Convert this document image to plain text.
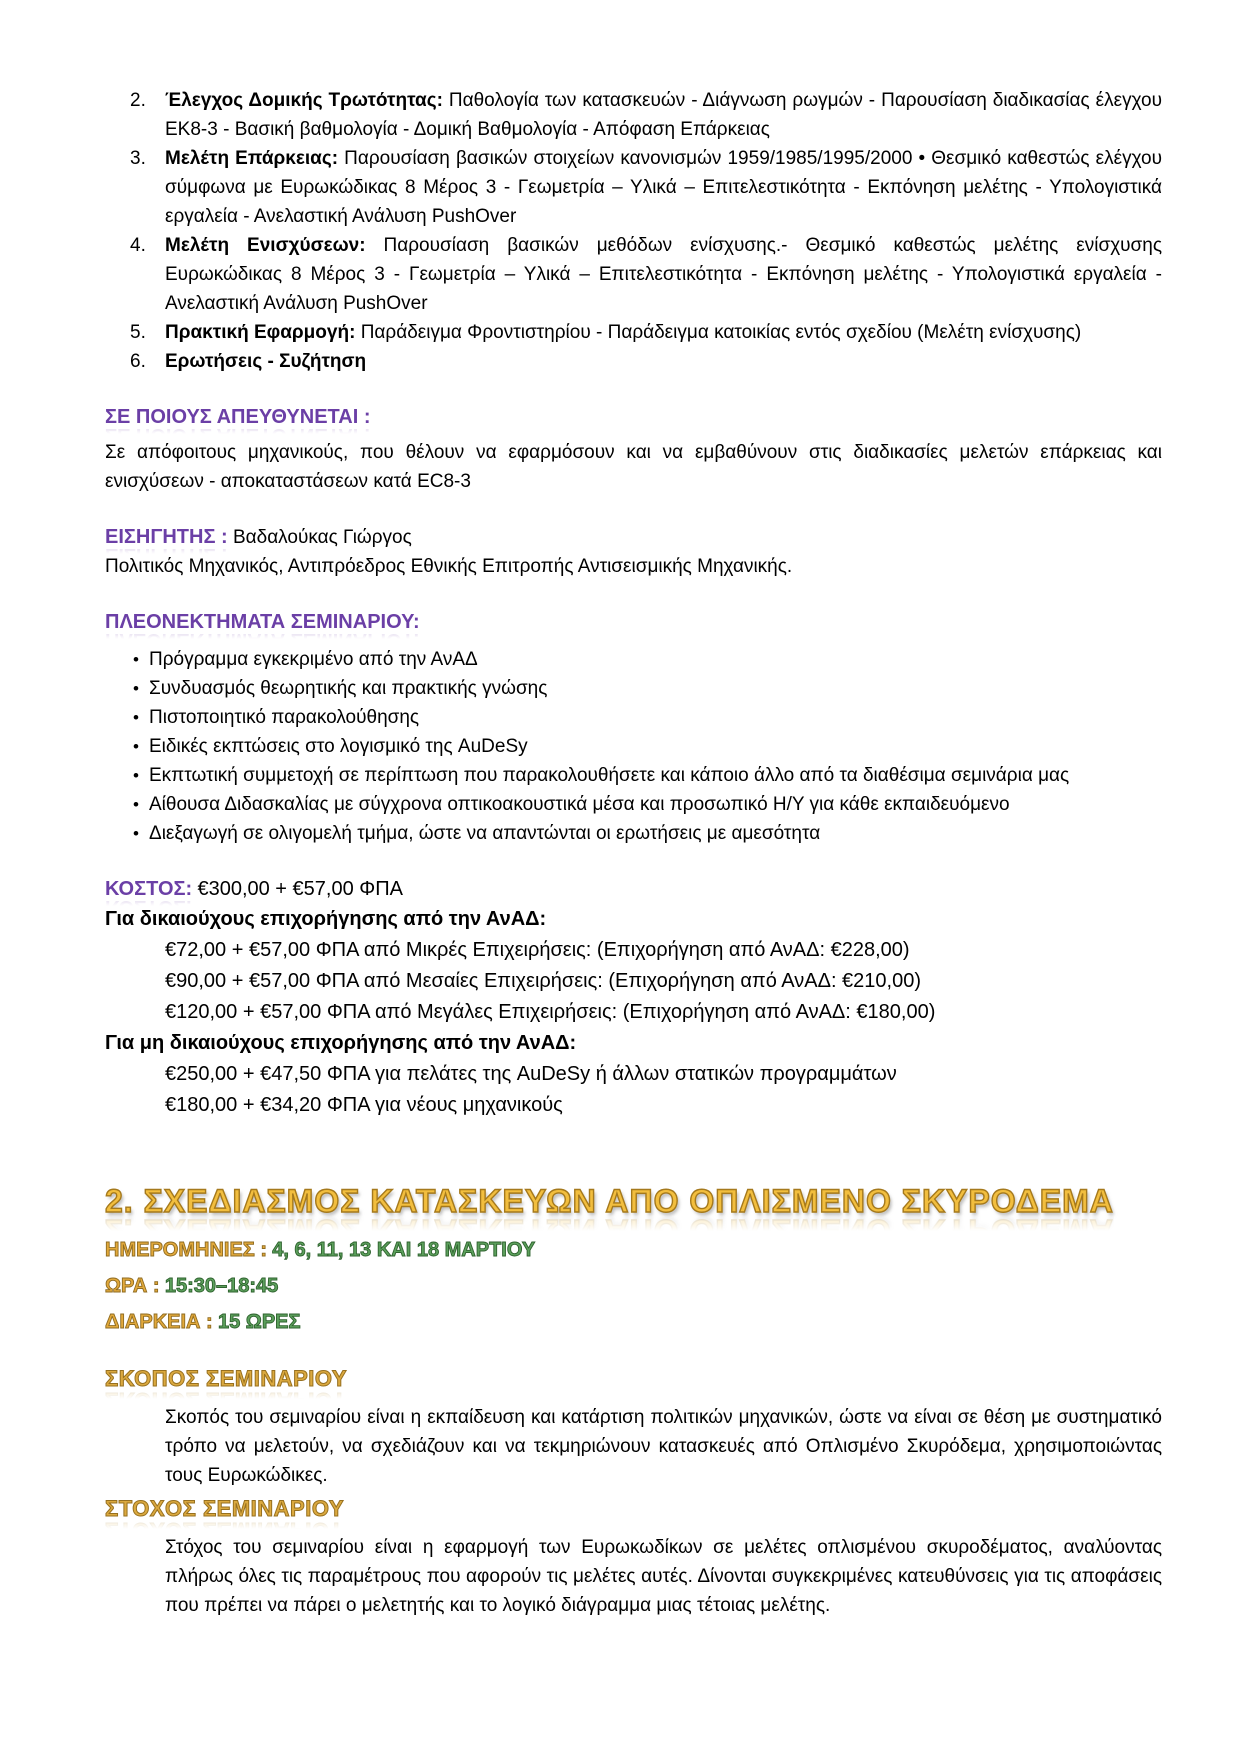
2.	Έλεγχος Δομικής Τρωτότητας: Παθολογία των κατασκευών - Διάγνωση ρωγμών - Παρουσίαση διαδικασίας έλεγχου ΕΚ8-3 - Βασική βαθμολογία - Δομική Βαθμολογία - Απόφαση Επάρκειας
3.	Μελέτη Επάρκειας: Παρουσίαση βασικών στοιχείων κανονισμών 1959/1985/1995/2000 • Θεσμικό καθεστώς ελέγχου σύμφωνα με Ευρωκώδικας 8 Μέρος 3 - Γεωμετρία – Υλικά – Επιτελεστικότητα - Εκπόνηση μελέτης - Υπολογιστικά εργαλεία - Ανελαστική Ανάλυση PushOver
4.	Μελέτη Ενισχύσεων: Παρουσίαση βασικών μεθόδων ενίσχυσης.- Θεσμικό καθεστώς μελέτης ενίσχυσης Ευρωκώδικας 8 Μέρος 3 - Γεωμετρία – Υλικά – Επιτελεστικότητα - Εκπόνηση μελέτης - Υπολογιστικά εργαλεία - Ανελαστική Ανάλυση PushOver
5.	Πρακτική Εφαρμογή: Παράδειγμα Φροντιστηρίου - Παράδειγμα κατοικίας εντός σχεδίου (Μελέτη ενίσχυσης)
6.	Ερωτήσεις - Συζήτηση
ΣΕ ΠΟΙΟΥΣ ΑΠΕΥΘΥΝΕΤΑΙ :
Σε απόφοιτους μηχανικούς, που θέλουν να εφαρμόσουν και να εμβαθύνουν στις διαδικασίες μελετών επάρκειας και ενισχύσεων - αποκαταστάσεων κατά EC8-3
ΕΙΣΗΓΗΤΗΣ : Βαδαλούκας Γιώργος
Πολιτικός Μηχανικός, Αντιπρόεδρος Εθνικής Επιτροπής Αντισεισμικής Μηχανικής.
ΠΛΕΟΝΕΚΤΗΜΑΤΑ ΣΕΜΙΝΑΡΙΟΥ:
• Πρόγραμμα εγκεκριμένο από την ΑνΑΔ
• Συνδυασμός θεωρητικής και πρακτικής γνώσης
• Πιστοποιητικό παρακολούθησης
• Ειδικές εκπτώσεις στο λογισμικό της AuDeSy
• Εκπτωτική συμμετοχή σε περίπτωση που παρακολουθήσετε και κάποιο άλλο από τα διαθέσιμα σεμινάρια μας
• Αίθουσα Διδασκαλίας με σύγχρονα οπτικοακουστικά μέσα και προσωπικό Η/Υ για κάθε εκπαιδευόμενο
• Διεξαγωγή σε ολιγομελή τμήμα, ώστε να απαντώνται οι ερωτήσεις με αμεσότητα
ΚΟΣΤΟΣ: €300,00 + €57,00 ΦΠΑ
Για δικαιούχους επιχορήγησης από την ΑνΑΔ:
€72,00 + €57,00 ΦΠΑ από Μικρές Επιχειρήσεις: (Επιχορήγηση από ΑνΑΔ: €228,00)
€90,00 + €57,00 ΦΠΑ από Μεσαίες Επιχειρήσεις: (Επιχορήγηση από ΑνΑΔ: €210,00)
€120,00 + €57,00 ΦΠΑ από Μεγάλες Επιχειρήσεις: (Επιχορήγηση από ΑνΑΔ: €180,00)
Για μη δικαιούχους επιχορήγησης από την ΑνΑΔ:
€250,00 + €47,50 ΦΠΑ για πελάτες της AuDeSy ή άλλων στατικών προγραμμάτων
€180,00 + €34,20 ΦΠΑ για νέους μηχανικούς
2. ΣΧΕΔΙΑΣΜΟΣ ΚΑΤΑΣΚΕΥΩΝ ΑΠΟ ΟΠΛΙΣΜΕΝΟ ΣΚΥΡΟΔΕΜΑ
ΗΜΕΡΟΜΗΝΙΕΣ : 4, 6, 11, 13 ΚΑΙ 18 ΜΑΡΤΙΟΥ
ΩΡΑ : 15:30–18:45
ΔΙΑΡΚΕΙΑ : 15 ΩΡΕΣ
ΣΚΟΠΟΣ ΣΕΜΙΝΑΡΙΟΥ
Σκοπός του σεμιναρίου είναι η εκπαίδευση και κατάρτιση πολιτικών μηχανικών, ώστε να είναι σε θέση με συστηματικό τρόπο να μελετούν, να σχεδιάζουν και να τεκμηριώνουν κατασκευές από Οπλισμένο Σκυρόδεμα, χρησιμοποιώντας τους Ευρωκώδικες.
ΣΤΟΧΟΣ ΣΕΜΙΝΑΡΙΟΥ
Στόχος του σεμιναρίου είναι η εφαρμογή των Ευρωκωδίκων σε μελέτες οπλισμένου σκυροδέματος, αναλύοντας πλήρως όλες τις παραμέτρους που αφορούν τις μελέτες αυτές. Δίνονται συγκεκριμένες κατευθύνσεις για τις αποφάσεις που πρέπει να πάρει ο μελετητής και το λογικό διάγραμμα μιας τέτοιας μελέτης.
